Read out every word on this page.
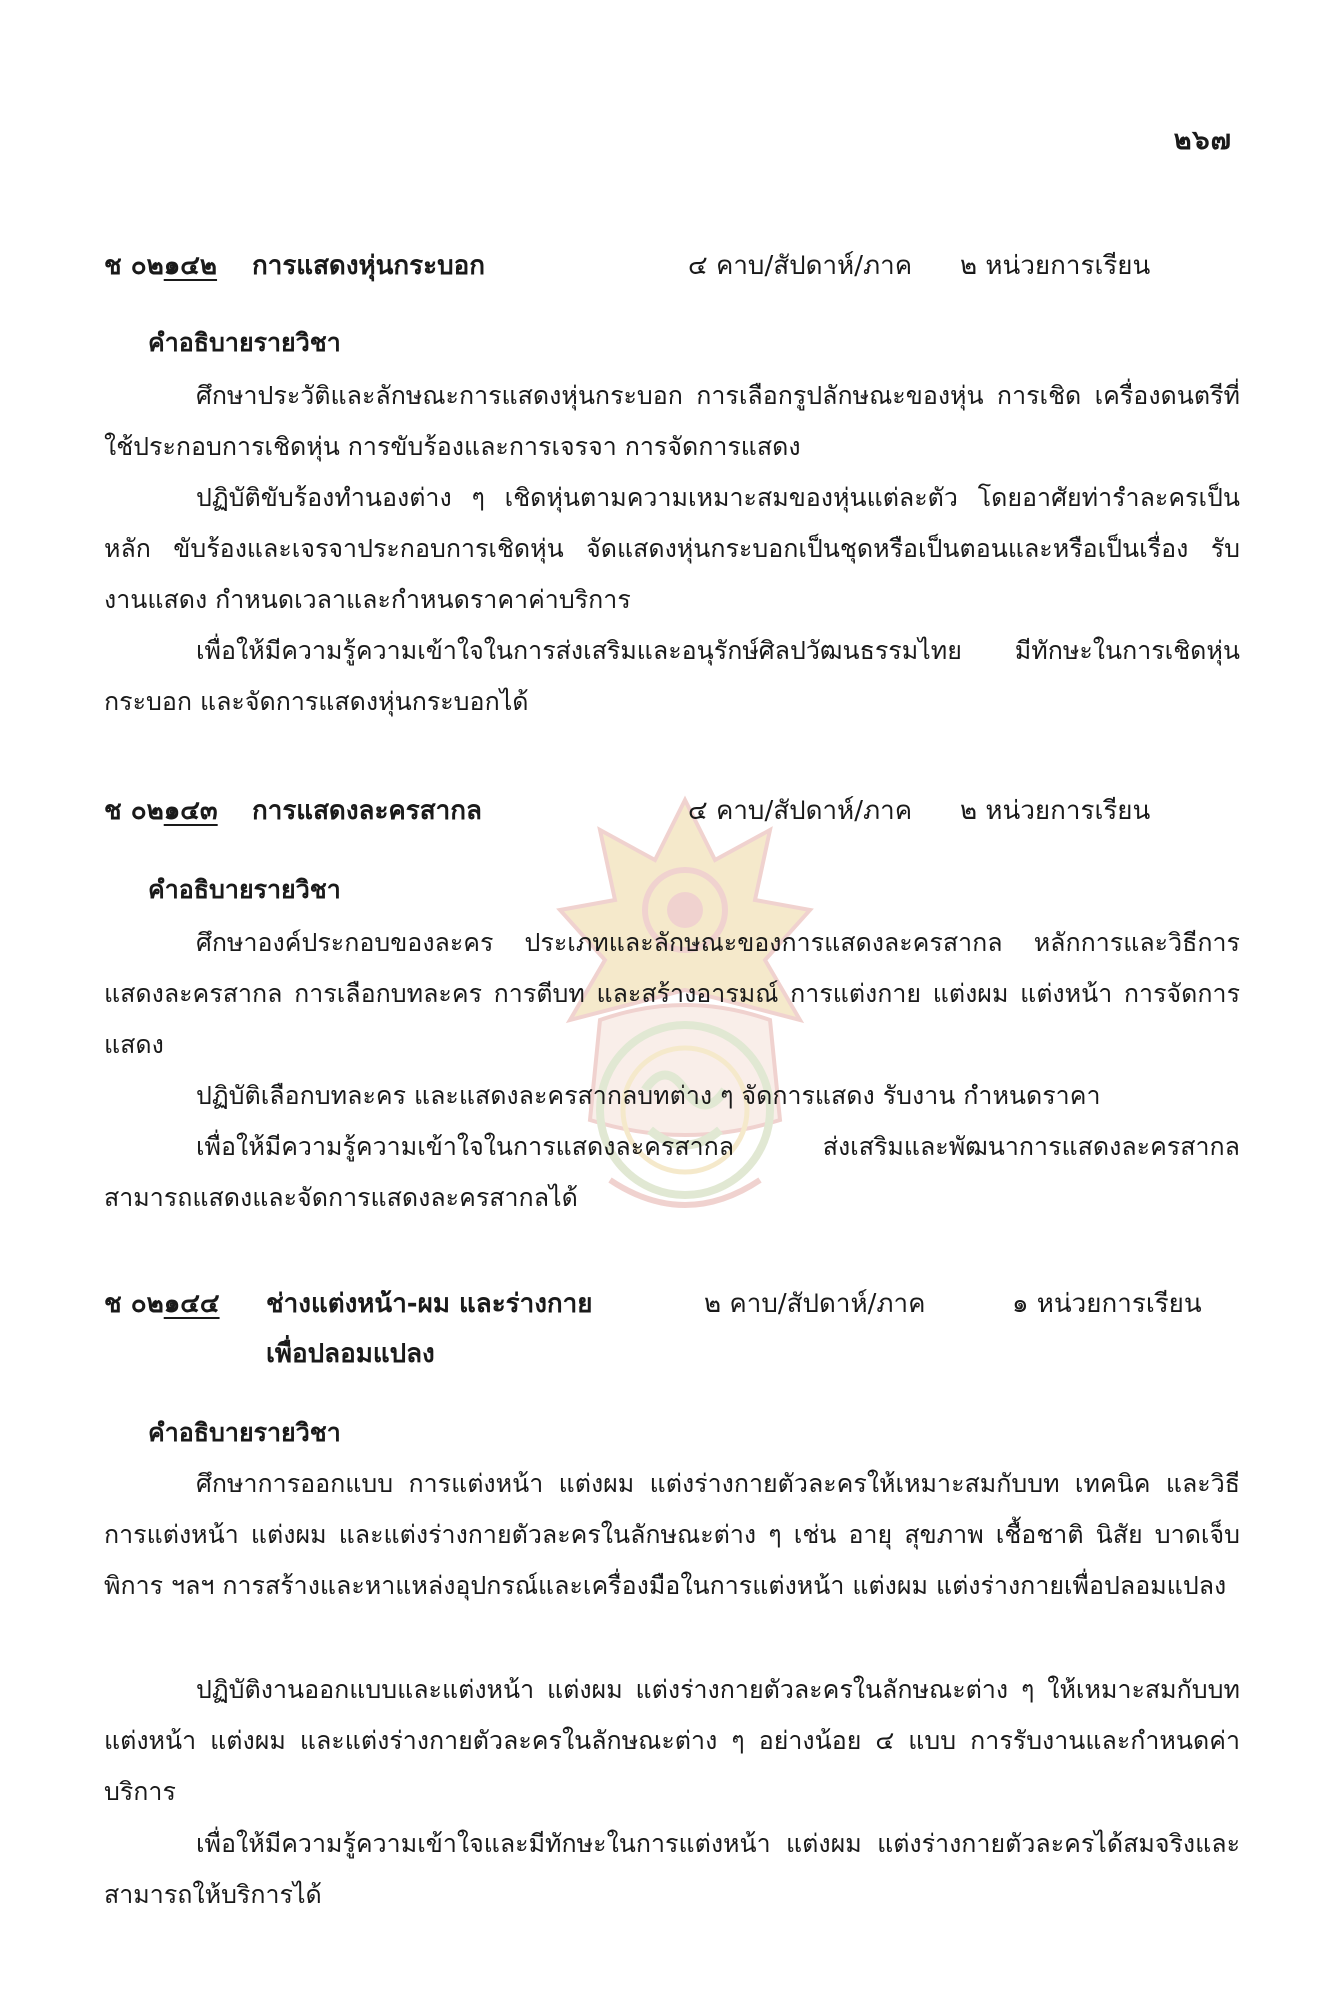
๒๖๗
ช ๐๒๑๔๒ การแสดงหุ่นกระบอก	๔ คาบ/สัปดาห์/ภาค ๒ หน่วยการเรียน
คำอธิบายรายวิชา

ศึกษาประวัติและลักษณะการแสดงหุ่นกระบอก การเลือกรูปลักษณะของหุ่น การเชิด เครื่องดนตรีที่ใช้ประกอบการเชิดหุ่น การขับร้องและการเจรจา การจัดการแสดง

ปฏิบัติขับร้องทำนองต่าง ๆ เชิดหุ่นตามความเหมาะสมของหุ่นแต่ละตัว โดยอาศัยท่ารำละครเป็นหลัก ขับร้องและเจรจาประกอบการเชิดหุ่น จัดแสดงหุ่นกระบอกเป็นชุดหรือเป็นตอนและหรือเป็นเรื่อง รับงานแสดง กำหนดเวลาและกำหนดราคาค่าบริการ

เพื่อให้มีความรู้ความเข้าใจในการส่งเสริมและอนุรักษ์ศิลปวัฒนธรรมไทย มีทักษะในการเชิดหุ่นกระบอก และจัดการแสดงหุ่นกระบอกได้

ช ๐๒๑๔๓ การแสดงละครสากล	๔ คาบ/สัปดาห์/ภาค ๒ หน่วยการเรียน
คำอธิบายรายวิชา

ศึกษาองค์ประกอบของละคร ประเภทและลักษณะของการแสดงละครสากล หลักการและวิธีการแสดงละครสากล การเลือกบทละคร การตีบท และสร้างอารมณ์ การแต่งกาย แต่งผม แต่งหน้า การจัดการแสดง

ปฏิบัติเลือกบทละคร และแสดงละครสากลบทต่าง ๆ จัดการแสดง รับงาน กำหนดราคา

เพื่อให้มีความรู้ความเข้าใจในการแสดงละครสากล ส่งเสริมและพัฒนาการแสดงละครสากล สามารถแสดงและจัดการแสดงละครสากลได้

ช ๐๒๑๔๔ ช่างแต่งหน้า-ผม และร่างกาย
เพื่อปลอมแปลง
๒ คาบ/สัปดาห์/ภาค	๑ หน่วยการเรียน
คำอธิบายรายวิชา

ศึกษาการออกแบบ การแต่งหน้า แต่งผม แต่งร่างกายตัวละครให้เหมาะสมกับบท เทคนิค และวิธีการแต่งหน้า แต่งผม และแต่งร่างกายตัวละครในลักษณะต่าง ๆ เช่น อายุ สุขภาพ เชื้อชาติ นิสัย บาดเจ็บ พิการ ฯลฯ การสร้างและหาแหล่งอุปกรณ์และเครื่องมือในการแต่งหน้า แต่งผม แต่งร่างกายเพื่อปลอมแปลง

ปฏิบัติงานออกแบบและแต่งหน้า แต่งผม แต่งร่างกายตัวละครในลักษณะต่าง ๆ ให้เหมาะสมกับบท แต่งหน้า แต่งผม และแต่งร่างกายตัวละครในลักษณะต่าง ๆ อย่างน้อย ๔ แบบ การรับงานและกำหนดค่าบริการ

เพื่อให้มีความรู้ความเข้าใจและมีทักษะในการแต่งหน้า แต่งผม แต่งร่างกายตัวละครได้สมจริงและสามารถให้บริการได้
